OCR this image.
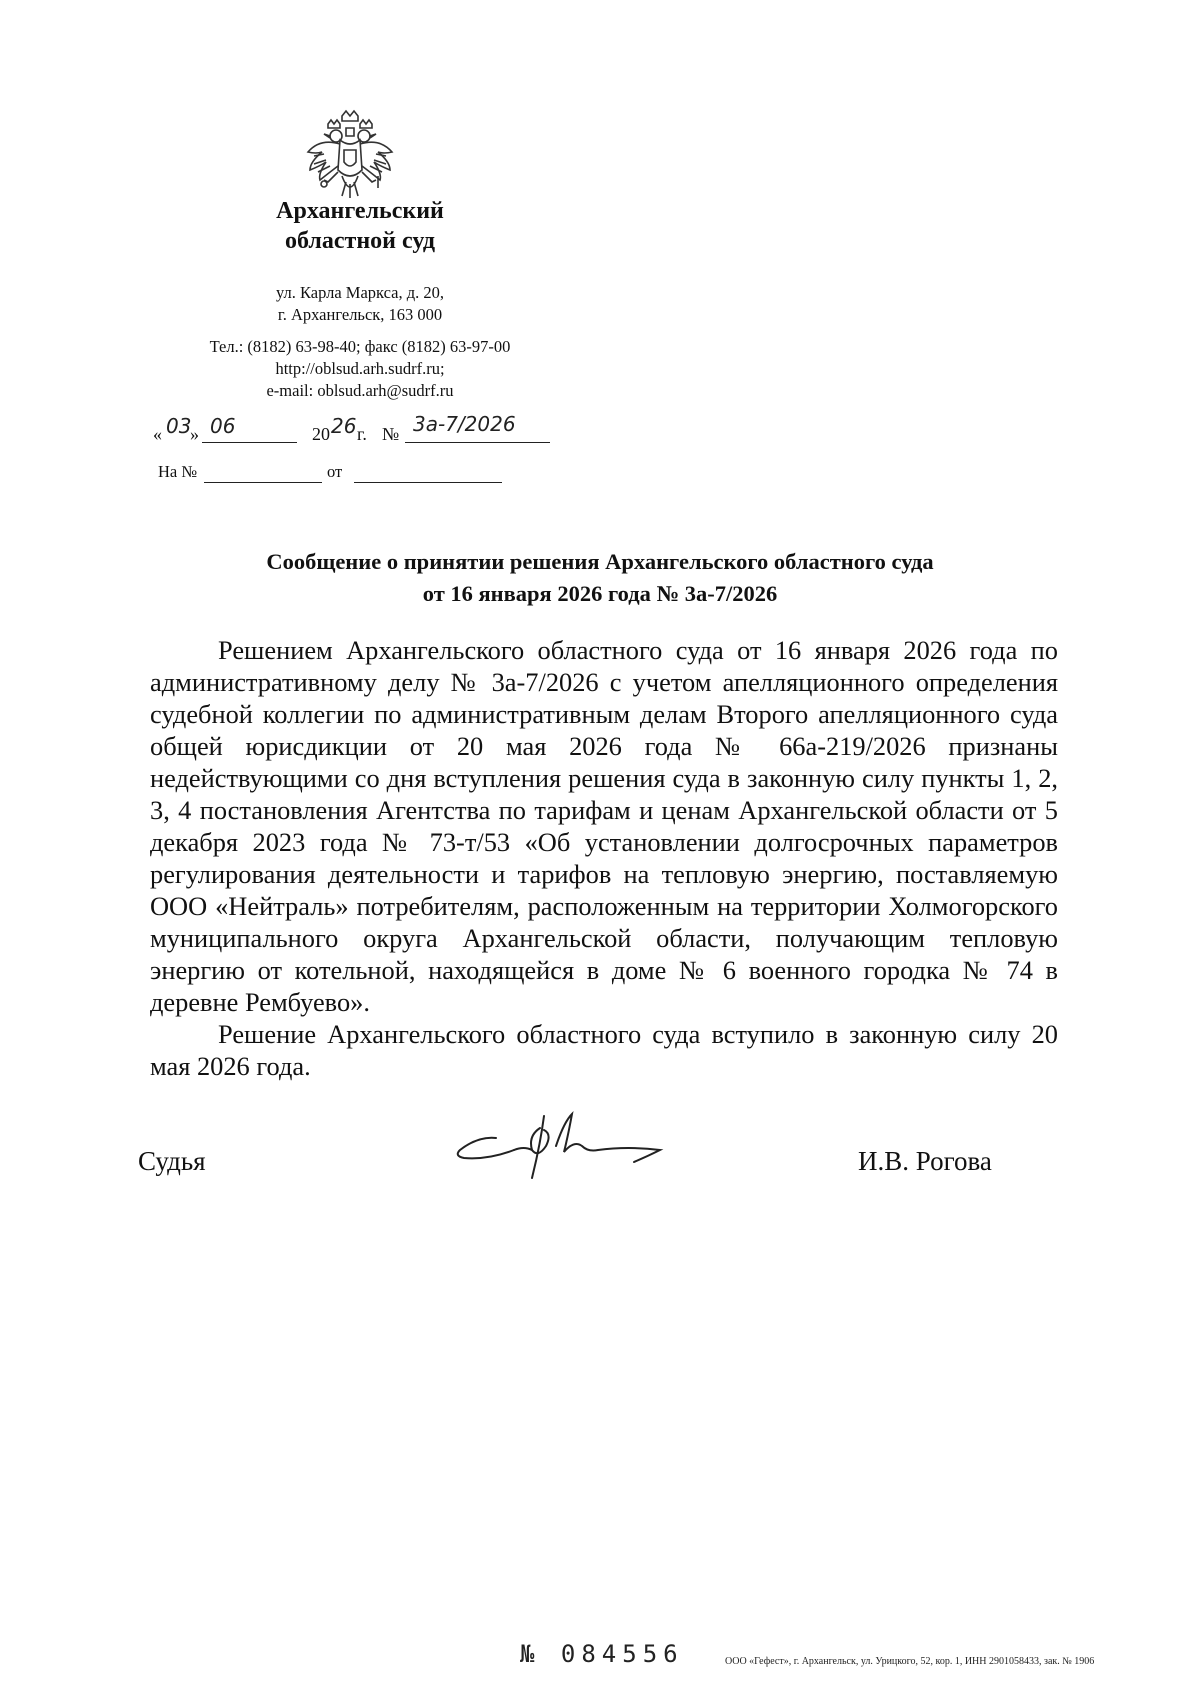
Архангельский
областной суд
ул. Карла Маркса, д. 20,
г. Архангельск, 163 000
Тел.: (8182) 63-98-40; факс (8182) 63-97-00
http://oblsud.arh.sudrf.ru;
e-mail: oblsud.arh@sudrf.ru
« 03
» 06	20 26 г. № 3а-7/2026
На №	от
Сообщение о принятии решения Архангельского областного суда
от 16 января 2026 года № 3а-7/2026

Решением Архангельского областного суда от 16 января 2026 года по административному делу № 3а-7/2026 с учетом апелляционного определения судебной коллегии по административным делам Второго апелляционного суда общей юрисдикции от 20 мая 2026 года № 66а-219/2026 признаны недействующими со дня вступления решения суда в законную силу пункты 1, 2, 3, 4 постановления Агентства по тарифам и ценам Архангельской области от 5 декабря 2023 года № 73-т/53 «Об установлении долгосрочных параметров регулирования деятельности и тарифов на тепловую энергию, поставляемую ООО «Нейтраль» потребителям, расположенным на территории Холмогорского муниципального округа Архангельской области, получающим тепловую энергию от котельной, находящейся в доме № 6 военного городка № 74 в деревне Рембуево».

Решение Архангельского областного суда вступило в законную силу 20 мая 2026 года.

Судья	И.В. Рогова
№ 084556	ООО «Гефест», г. Архангельск, ул. Урицкого, 52, кор. 1, ИНН 2901058433, зак. № 1906
